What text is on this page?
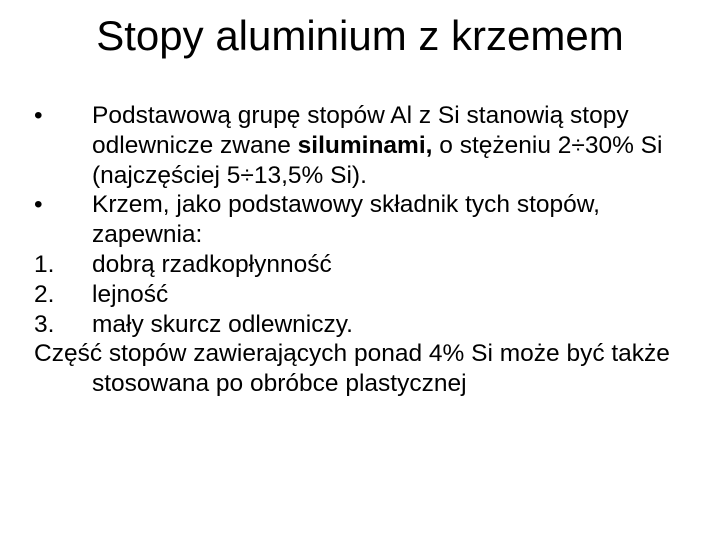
Stopy aluminium z krzemem
•	Podstawową grupę stopów Al z Si stanowią stopy odlewnicze zwane siluminami, o stężeniu 2÷30% Si (najczęściej 5÷13,5% Si).
•	Krzem, jako podstawowy składnik tych stopów, zapewnia:
1.	dobrą rzadkopłynność
2.	lejność
3.	mały skurcz odlewniczy.
Część stopów zawierających ponad 4% Si może być także stosowana po obróbce plastycznej
